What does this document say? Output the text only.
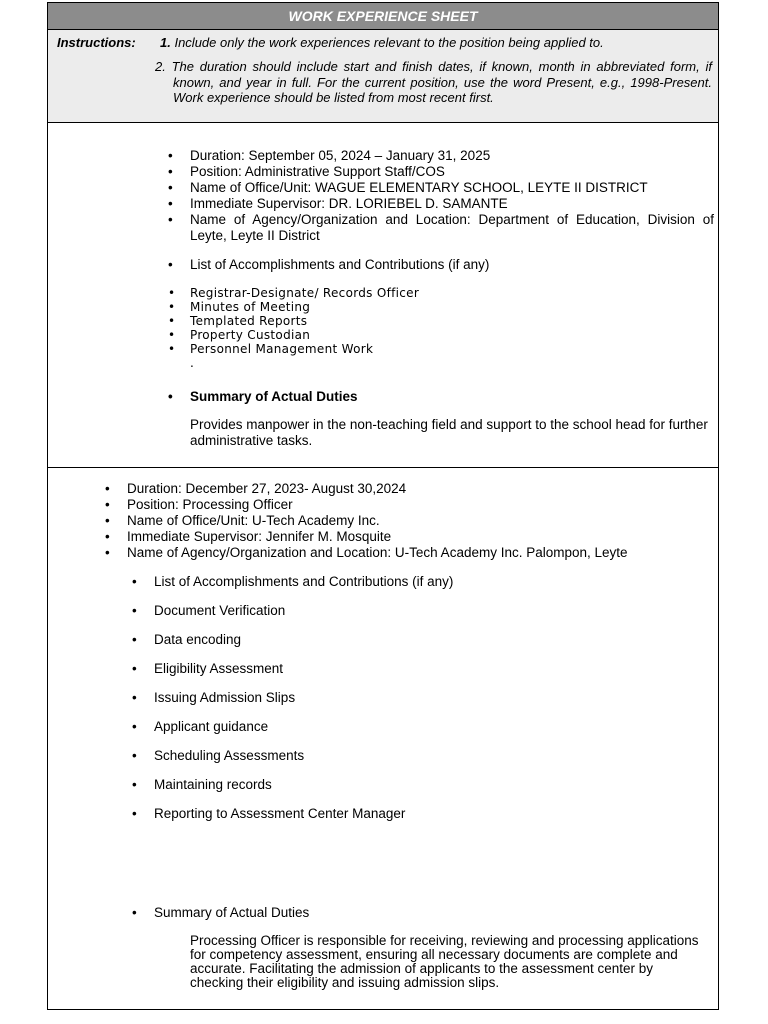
WORK EXPERIENCE SHEET
Instructions: 1. Include only the work experiences relevant to the position being applied to.
2. The duration should include start and finish dates, if known, month in abbreviated form, if known, and year in full. For the current position, use the word Present, e.g., 1998-Present. Work experience should be listed from most recent first.
• Duration: September 05, 2024 – January 31, 2025
• Position: Administrative Support Staff/COS
• Name of Office/Unit: WAGUE ELEMENTARY SCHOOL, LEYTE II DISTRICT
• Immediate Supervisor: DR. LORIEBEL D. SAMANTE
• Name of Agency/Organization and Location: Department of Education, Division of Leyte, Leyte II District
• List of Accomplishments and Contributions (if any)
• Registrar-Designate/ Records Officer
• Minutes of Meeting
• Templated Reports
• Property Custodian
• Personnel Management Work
.
• Summary of Actual Duties
Provides manpower in the non-teaching field and support to the school head for further administrative tasks.
• Duration: December 27, 2023- August 30,2024
• Position: Processing Officer
• Name of Office/Unit: U-Tech Academy Inc.
• Immediate Supervisor: Jennifer M. Mosquite
• Name of Agency/Organization and Location: U-Tech Academy Inc. Palompon, Leyte
• List of Accomplishments and Contributions (if any)
• Document Verification
• Data encoding
• Eligibility Assessment
• Issuing Admission Slips
• Applicant guidance
• Scheduling Assessments
• Maintaining records
• Reporting to Assessment Center Manager
• Summary of Actual Duties
Processing Officer is responsible for receiving, reviewing and processing applications for competency assessment, ensuring all necessary documents are complete and accurate. Facilitating the admission of applicants to the assessment center by checking their eligibility and issuing admission slips.
